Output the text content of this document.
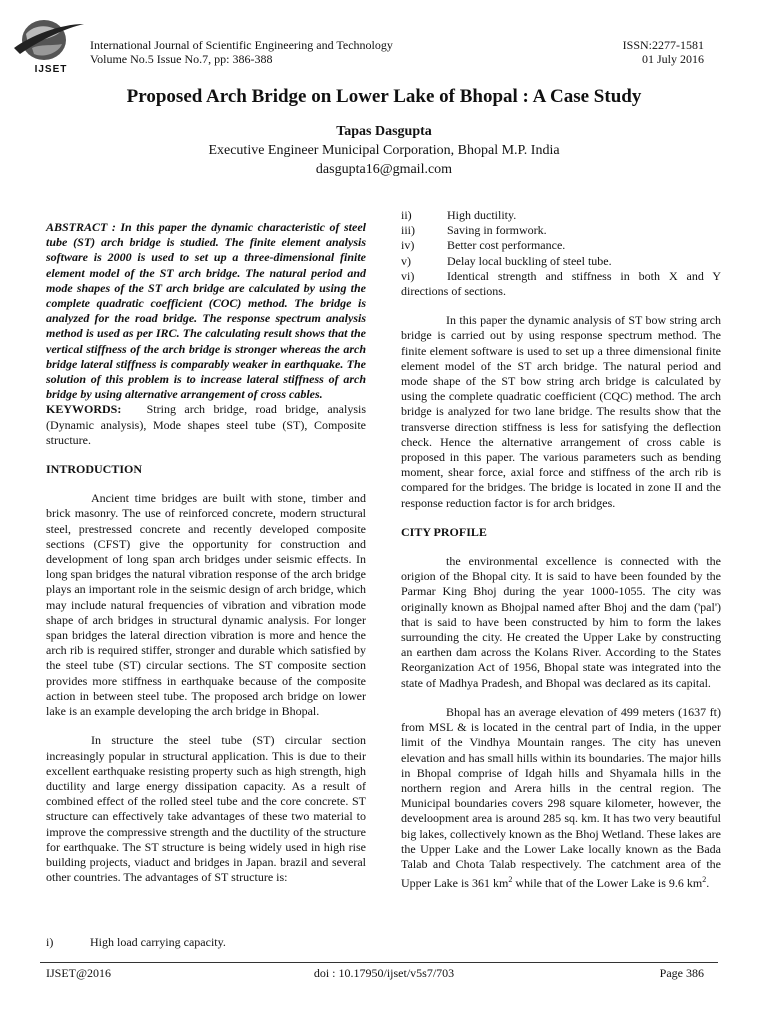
IJSET
International Journal of Scientific Engineering and Technology
Volume No.5 Issue No.7, pp: 386-388
ISSN:2277-1581
01 July 2016
Proposed Arch Bridge on Lower Lake of Bhopal : A Case Study
Tapas Dasgupta
Executive Engineer Municipal Corporation, Bhopal M.P. India
dasgupta16@gmail.com

ABSTRACT : In this paper the dynamic characteristic of steel tube (ST) arch bridge is studied. The finite element analysis software is 2000 is used to set up a three-dimensional finite element model of the ST arch bridge. The natural period and mode shapes of the ST arch bridge are calculated by using the complete quadratic coefficient (COC) method. The bridge is analyzed for the road bridge. The response spectrum analysis method is used as per IRC. The calculating result shows that the vertical stiffness of the arch bridge is stronger whereas the arch bridge lateral stiffness is comparably weaker in earthquake. The solution of this problem is to increase lateral stiffness of arch bridge by using alternative arrangement of cross cables.

KEYWORDS: String arch bridge, road bridge, analysis (Dynamic analysis), Mode shapes steel tube (ST), Composite structure.

INTRODUCTION

Ancient time bridges are built with stone, timber and brick masonry. The use of reinforced concrete, modern structural steel, prestressed concrete and recently developed composite sections (CFST) give the opportunity for construction and development of long span arch bridges under seismic effects. In long span bridges the natural vibration response of the arch bridge plays an important role in the seismic design of arch bridge, which may include natural frequencies of vibration and vibration mode shape of arch bridges in structural dynamic analysis. For longer span bridges the lateral direction vibration is more and hence the arch rib is required stiffer, stronger and durable which satisfied by the steel tube (ST) circular sections. The ST composite section provides more stiffness in earthquake because of the composite action in between steel tube. The proposed arch bridge on lower lake is an example developing the arch bridge in Bhopal.

In structure the steel tube (ST) circular section increasingly popular in structural application. This is due to their excellent earthquake resisting property such as high strength, high ductility and large energy dissipation capacity. As a result of combined effect of the rolled steel tube and the core concrete. ST structure can effectively take advantages of these two material to improve the compressive strength and the ductility of the structure for earthquake. The ST structure is being widely used in high rise building projects, viaduct and bridges in Japan. brazil and several other countries. The advantages of ST structure is:

i)	High load carrying capacity.
ii)	High ductility.
iii)	Saving in formwork.
iv)	Better cost performance.
v)	Delay local buckling of steel tube.

vi)	Identical strength and stiffness in both X and Y directions of sections.

In this paper the dynamic analysis of ST bow string arch bridge is carried out by using response spectrum method. The finite element software is used to set up a three dimensional finite element model of the ST arch bridge. The natural period and mode shape of the ST bow string arch bridge is calculated by using the complete quadratic coefficient (CQC) method. The arch bridge is analyzed for two lane bridge. The results show that the transverse direction stiffness is less for satisfying the deflection check. Hence the alternative arrangement of cross cable is proposed in this paper. The various parameters such as bending moment, shear force, axial force and stiffness of the arch rib is compared for the bridges. The bridge is located in zone II and the response reduction factor is for arch bridges.

CITY PROFILE

the environmental excellence is connected with the origion of the Bhopal city. It is said to have been founded by the Parmar King Bhoj during the year 1000-1055. The city was originally known as Bhojpal named after Bhoj and the dam ('pal') that is said to have been constructed by him to form the lakes surrounding the city. He created the Upper Lake by constructing an earthen dam across the Kolans River. According to the States Reorganization Act of 1956, Bhopal state was integrated into the state of Madhya Pradesh, and Bhopal was declared as its capital.

Bhopal has an average elevation of 499 meters (1637 ft) from MSL & is located in the central part of India, in the upper limit of the Vindhya Mountain ranges. The city has uneven elevation and has small hills within its boundaries. The major hills in Bhopal comprise of Idgah hills and Shyamala hills in the northern region and Arera hills in the central region. The Municipal boundaries covers 298 square kilometer, however, the develoopment area is around 285 sq. km. It has two very beautiful big lakes, collectively known as the Bhoj Wetland. These lakes are the Upper Lake and the Lower Lake locally known as the Bada Talab and Chota Talab respectively. The catchment area of the Upper Lake is 361 $km^2$ while that of the Lower Lake is 9.6 $km^2$.

IJSET@2016	doi : 10.17950/ijset/v5s7/703	Page 386
